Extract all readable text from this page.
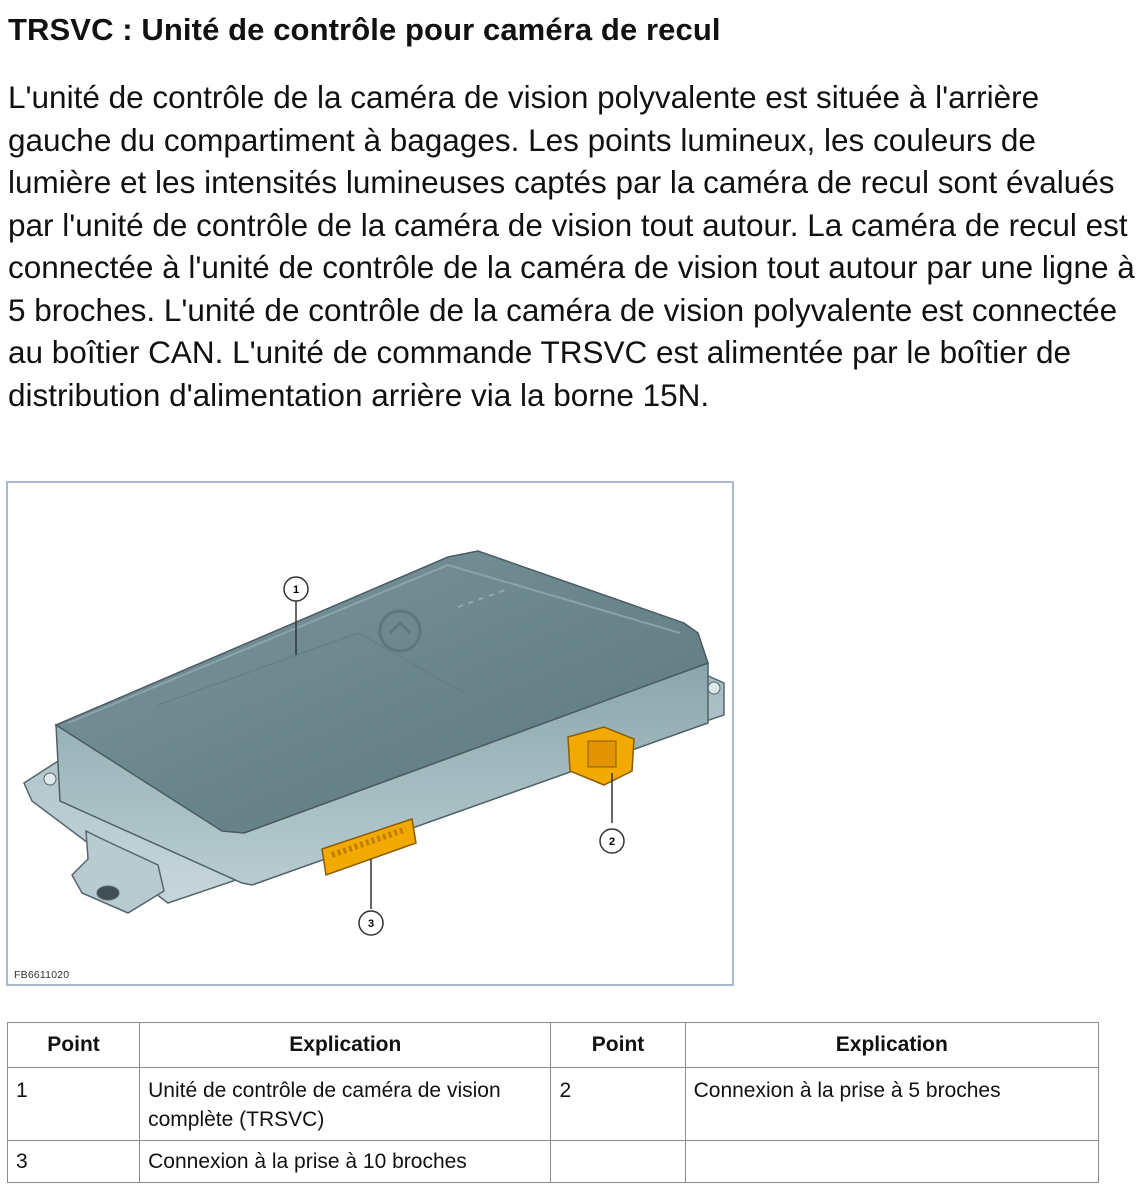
TRSVC : Unité de contrôle pour caméra de recul

L'unité de contrôle de la caméra de vision polyvalente est située à l'arrière gauche du compartiment à bagages. Les points lumineux, les couleurs de lumière et les intensités lumineuses captés par la caméra de recul sont évalués par l'unité de contrôle de la caméra de vision tout autour. La caméra de recul est connectée à l'unité de contrôle de la caméra de vision tout autour par une ligne à 5 broches. L'unité de contrôle de la caméra de vision polyvalente est connectée au boîtier CAN. L'unité de commande TRSVC est alimentée par le boîtier de distribution d'alimentation arrière via la borne 15N.

1
2
3
FB6611020
Point	Explication	Point	Explication
1	Unité de contrôle de caméra de vision complète (TRSVC)	2	Connexion à la prise à 5 broches
3	Connexion à la prise à 10 broches		
